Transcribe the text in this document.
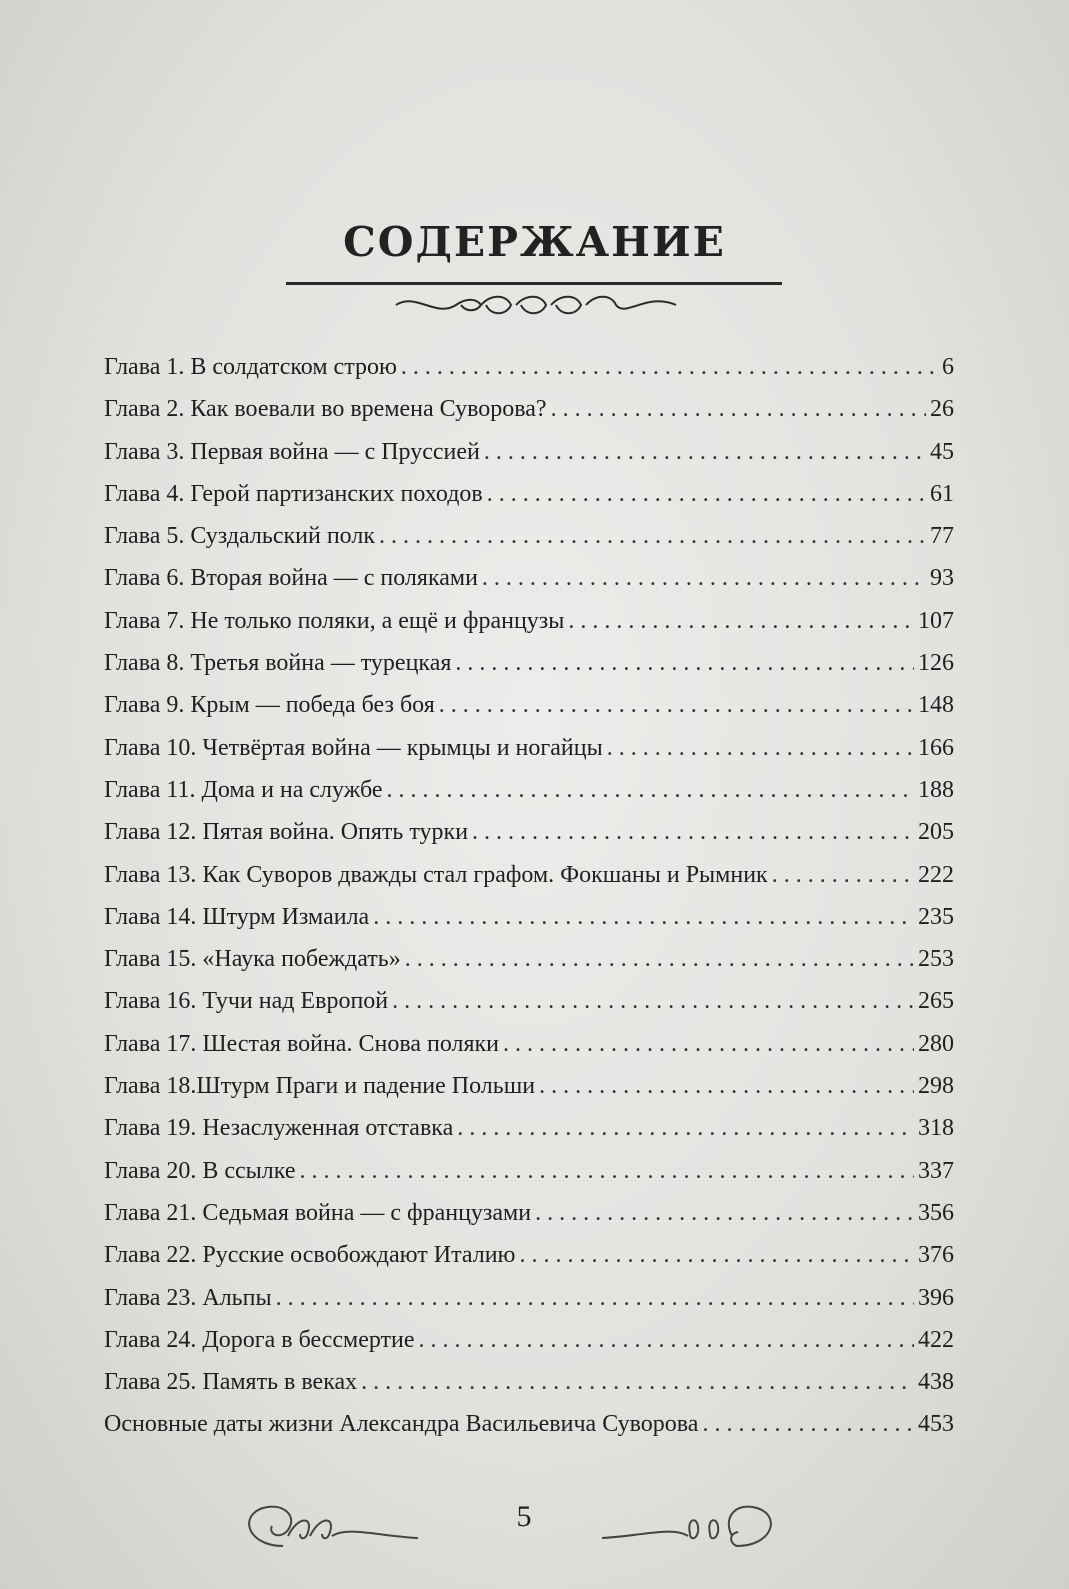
СОДЕРЖАНИЕ
Глава 1. В солдатском строю . . .	6
Глава 2. Как воевали во времена Суворова? . . .	26
Глава 3. Первая война — с Пруссией . . .	45
Глава 4. Герой партизанских походов . . .	61
Глава 5. Суздальский полк . . .	77
Глава 6. Вторая война — с поляками . . .	93
Глава 7. Не только поляки, а ещё и французы . . .	107
Глава 8. Третья война — турецкая . . .	126
Глава 9. Крым — победа без боя . . .	148
Глава 10. Четвёртая война — крымцы и ногайцы . . .	166
Глава 11. Дома и на службе . . .	188
Глава 12. Пятая война. Опять турки . . .	205
Глава 13. Как Суворов дважды стал графом. Фокшаны и Рымник . . .	222
Глава 14. Штурм Измаила . . .	235
Глава 15. «Наука побеждать» . . .	253
Глава 16. Тучи над Европой . . .	265
Глава 17. Шестая война. Снова поляки . . .	280
Глава 18.Штурм Праги и падение Польши . . .	298
Глава 19. Незаслуженная отставка . . .	318
Глава 20. В ссылке . . .	337
Глава 21. Седьмая война — с французами . . .	356
Глава 22. Русские освобождают Италию . . .	376
Глава 23. Альпы . . .	396
Глава 24. Дорога в бессмертие . . .	422
Глава 25. Память в веках . . .	438
Основные даты жизни Александра Васильевича Суворова . . .	453
5
